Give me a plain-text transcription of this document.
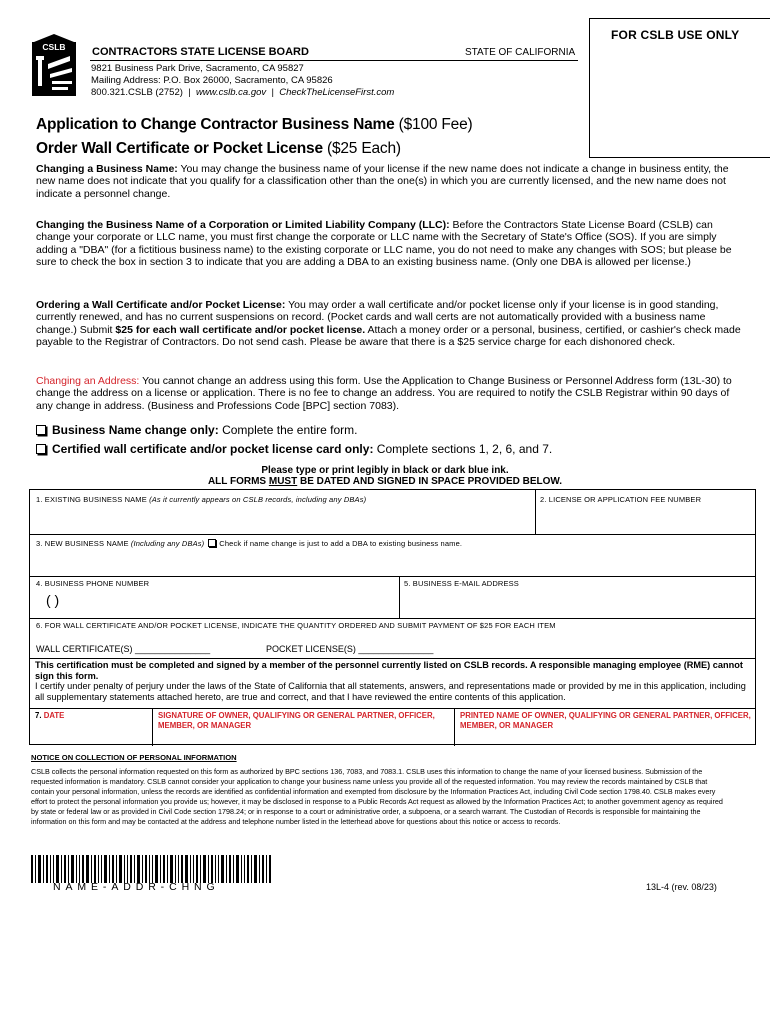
FOR CSLB USE ONLY
CSLB CONTRACTORS STATE LICENSE BOARD	STATE OF CALIFORNIA
9821 Business Park Drive, Sacramento, CA 95827
Mailing Address: P.O. Box 26000, Sacramento, CA 95826
800.321.CSLB (2752) | www.cslb.ca.gov | CheckTheLicenseFirst.com
Application to Change Contractor Business Name ($100 Fee)
Order Wall Certificate or Pocket License ($25 Each)
Changing a Business Name: You may change the business name of your license if the new name does not indicate a change in business entity, the new name does not indicate that you qualify for a classification other than the one(s) in which you are currently licensed, and the new name does not indicate a personnel change.
Changing the Business Name of a Corporation or Limited Liability Company (LLC): Before the Contractors State License Board (CSLB) can change your corporate or LLC name, you must first change the corporate or LLC name with the Secretary of State's Office (SOS). If you are simply adding a "DBA" (for a fictitious business name) to the existing corporate or LLC name, you do not need to make any changes with SOS; but please be sure to check the box in section 3 to indicate that you are adding a DBA to an existing business name. (Only one DBA is allowed per license.)
Ordering a Wall Certificate and/or Pocket License: You may order a wall certificate and/or pocket license only if your license is in good standing, currently renewed, and has no current suspensions on record. (Pocket cards and wall certs are not automatically provided with a business name change.) Submit $25 for each wall certificate and/or pocket license. Attach a money order or a personal, business, certified, or cashier's check made payable to the Registrar of Contractors. Do not send cash. Please be aware that there is a $25 service charge for each dishonored check.
Changing an Address: You cannot change an address using this form. Use the Application to Change Business or Personnel Address form (13L-30) to change the address on a license or application. There is no fee to change an address. You are required to notify the CSLB Registrar within 90 days of any change in address. (Business and Professions Code [BPC] section 7083).
Business Name change only: Complete the entire form.
Certified wall certificate and/or pocket license card only: Complete sections 1, 2, 6, and 7.
Please type or print legibly in black or dark blue ink.
ALL FORMS MUST BE DATED AND SIGNED IN SPACE PROVIDED BELOW.
1. EXISTING BUSINESS NAME (As it currently appears on CSLB records, including any DBAs)	2. LICENSE OR APPLICATION FEE NUMBER
3. NEW BUSINESS NAME (Including any DBAs) Check if name change is just to add a DBA to existing business name.
4. BUSINESS PHONE NUMBER
( )
5. BUSINESS E-MAIL ADDRESS
6. FOR WALL CERTIFICATE AND/OR POCKET LICENSE, INDICATE THE QUANTITY ORDERED AND SUBMIT PAYMENT OF $25 FOR EACH ITEM
WALL CERTIFICATE(S) _______________	POCKET LICENSE(S) _______________
This certification must be completed and signed by a member of the personnel currently listed on CSLB records. A responsible managing employee (RME) cannot sign this form.
I certify under penalty of perjury under the laws of the State of California that all statements, answers, and representations made or provided by me in this application, including all supplementary statements attached hereto, are true and correct, and that I have reviewed the entire contents of this application.
7. DATE	SIGNATURE OF OWNER, QUALIFYING OR GENERAL PARTNER, OFFICER, MEMBER, OR MANAGER
PRINTED NAME OF OWNER, QUALIFYING OR GENERAL PARTNER, OFFICER, MEMBER, OR MANAGER
NOTICE ON COLLECTION OF PERSONAL INFORMATION
CSLB collects the personal information requested on this form as authorized by BPC sections 136, 7083, and 7083.1. CSLB uses this information to change the name of your licensed business. Submission of the requested information is mandatory. CSLB cannot consider your application to change your business name unless you provide all of the requested information. You may review the records maintained by CSLB that contain your personal information, unless the records are identified as confidential information and exempted from disclosure by the Information Practices Act, including Civil Code section 1798.40. CSLB makes every effort to protect the personal information you provide us; however, it may be disclosed in response to a Public Records Act request as allowed by the Information Practices Act; to another government agency as required by state or federal law or as provided in Civil Code section 1798.24; or in response to a court or administrative order, a subpoena, or a search warrant. The Custodian of Records is responsible for maintaining the information on this form and may be contacted at the address and telephone number listed in the letterhead above for questions about this notice or access to records.
NAME-ADDR-CHNG	13L-4 (rev. 08/23)
